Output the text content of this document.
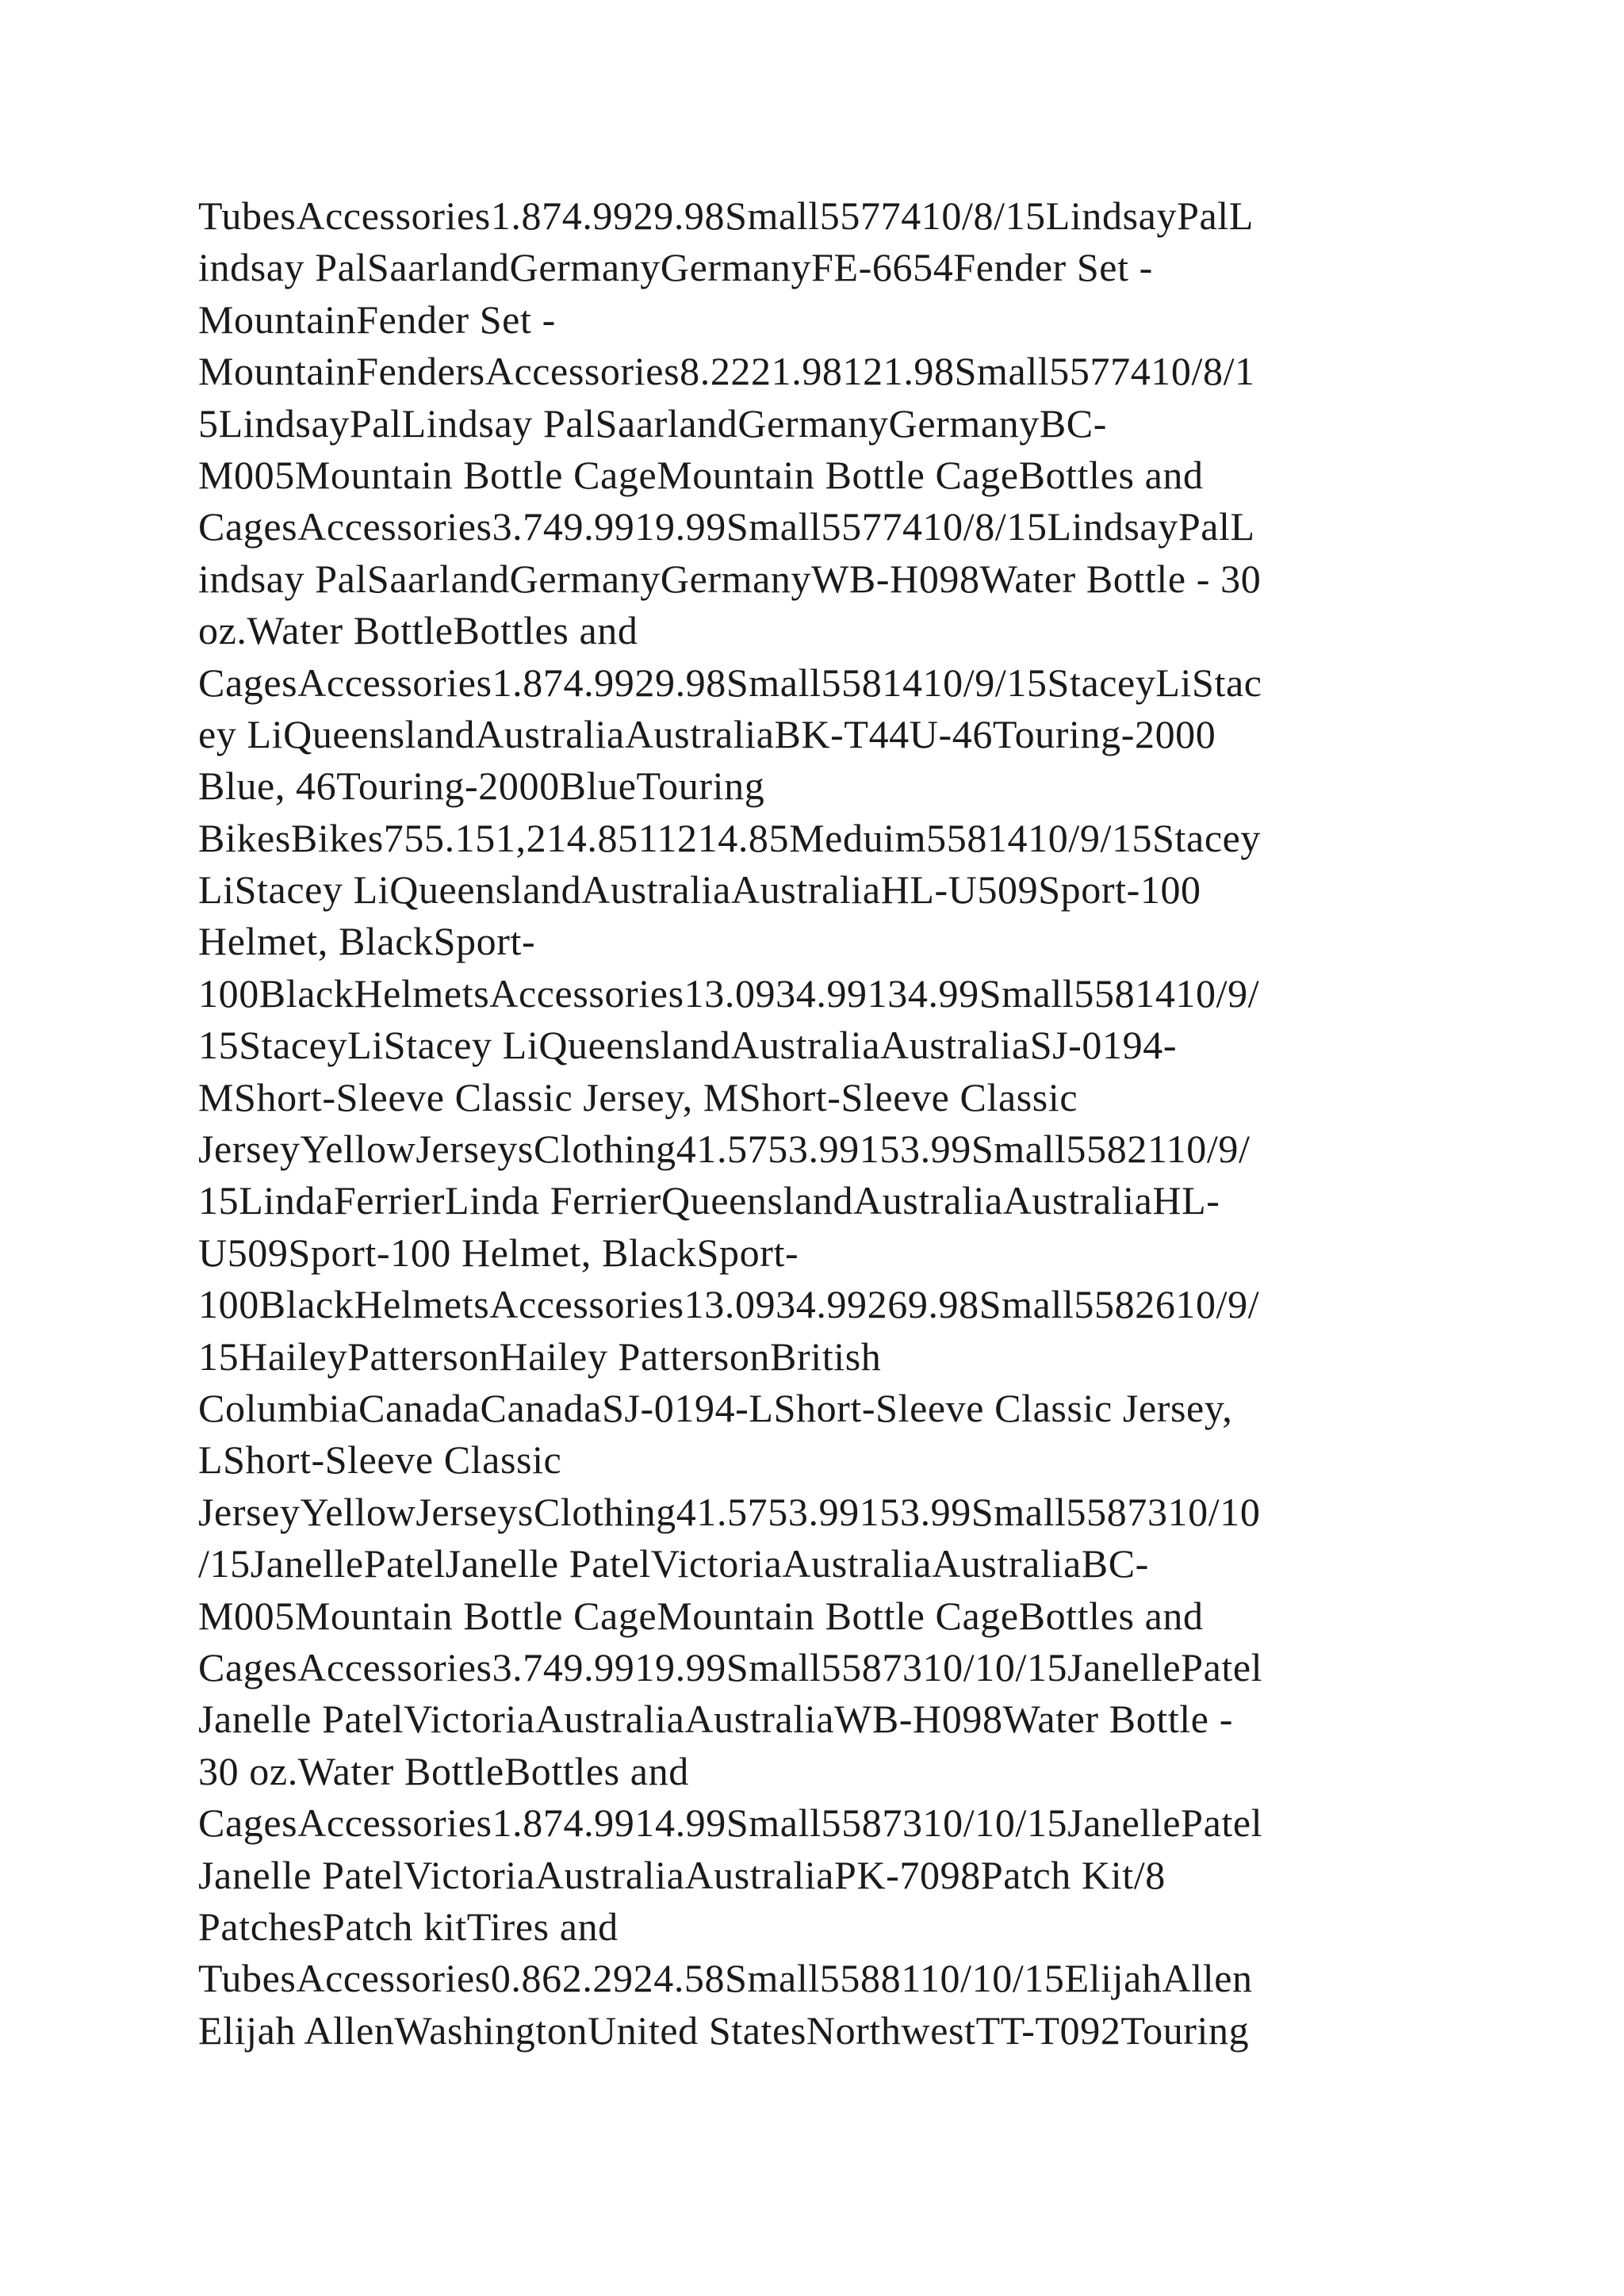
TubesAccessories1.874.9929.98Small5577410/8/15LindsayPalL
indsay PalSaarlandGermanyGermanyFE-6654Fender Set -
MountainFender Set -
MountainFendersAccessories8.2221.98121.98Small5577410/8/1
5LindsayPalLindsay PalSaarlandGermanyGermanyBC-
M005Mountain Bottle CageMountain Bottle CageBottles and
CagesAccessories3.749.9919.99Small5577410/8/15LindsayPalL
indsay PalSaarlandGermanyGermanyWB-H098Water Bottle - 30
oz.Water BottleBottles and
CagesAccessories1.874.9929.98Small5581410/9/15StaceyLiStac
ey LiQueenslandAustraliaAustraliaBK-T44U-46Touring-2000
Blue, 46Touring-2000BlueTouring
BikesBikes755.151,214.8511214.85Meduim5581410/9/15Stacey
LiStacey LiQueenslandAustraliaAustraliaHL-U509Sport-100
Helmet, BlackSport-
100BlackHelmetsAccessories13.0934.99134.99Small5581410/9/
15StaceyLiStacey LiQueenslandAustraliaAustraliaSJ-0194-
MShort-Sleeve Classic Jersey, MShort-Sleeve Classic
JerseyYellowJerseysClothing41.5753.99153.99Small5582110/9/
15LindaFerrierLinda FerrierQueenslandAustraliaAustraliaHL-
U509Sport-100 Helmet, BlackSport-
100BlackHelmetsAccessories13.0934.99269.98Small5582610/9/
15HaileyPattersonHailey PattersonBritish
ColumbiaCanadaCanadaSJ-0194-LShort-Sleeve Classic Jersey,
LShort-Sleeve Classic
JerseyYellowJerseysClothing41.5753.99153.99Small5587310/10
/15JanellePatelJanelle PatelVictoriaAustraliaAustraliaBC-
M005Mountain Bottle CageMountain Bottle CageBottles and
CagesAccessories3.749.9919.99Small5587310/10/15JanellePatel
Janelle PatelVictoriaAustraliaAustraliaWB-H098Water Bottle -
30 oz.Water BottleBottles and
CagesAccessories1.874.9914.99Small5587310/10/15JanellePatel
Janelle PatelVictoriaAustraliaAustraliaPK-7098Patch Kit/8
PatchesPatch kitTires and
TubesAccessories0.862.2924.58Small5588110/10/15ElijahAllen
Elijah AllenWashingtonUnited StatesNorthwestTT-T092Touring
